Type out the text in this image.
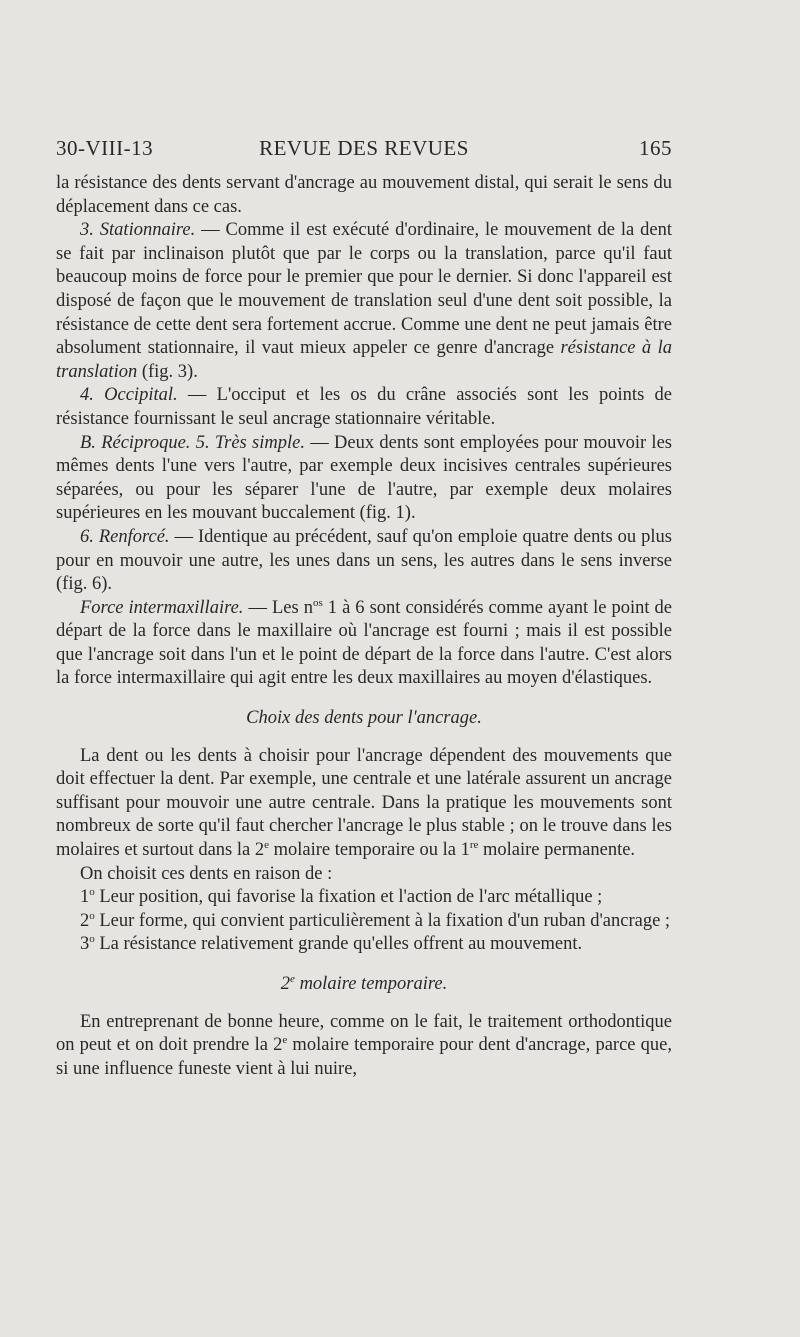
REVUE DES REVUES
30-VIII-13	165

la résistance des dents servant d'ancrage au mouvement distal, qui serait le sens du déplacement dans ce cas.

3. Stationnaire. — Comme il est exécuté d'ordinaire, le mouvement de la dent se fait par inclinaison plutôt que par le corps ou la translation, parce qu'il faut beaucoup moins de force pour le premier que pour le dernier. Si donc l'appareil est disposé de façon que le mouvement de translation seul d'une dent soit possible, la résistance de cette dent sera fortement accrue. Comme une dent ne peut jamais être absolument stationnaire, il vaut mieux appeler ce genre d'ancrage résistance à la translation (fig. 3).

4. Occipital. — L'occiput et les os du crâne associés sont les points de résistance fournissant le seul ancrage stationnaire véritable.

B. Réciproque. 5. Très simple. — Deux dents sont employées pour mouvoir les mêmes dents l'une vers l'autre, par exemple deux incisives centrales supérieures séparées, ou pour les séparer l'une de l'autre, par exemple deux molaires supérieures en les mouvant buccalement (fig. 1).

6. Renforcé. — Identique au précédent, sauf qu'on emploie quatre dents ou plus pour en mouvoir une autre, les unes dans un sens, les autres dans le sens inverse (fig. 6).

Force intermaxillaire. — Les $n^{os}$ 1 à 6 sont considérés comme ayant le point de départ de la force dans le maxillaire où l'ancrage est fourni ; mais il est possible que l'ancrage soit dans l'un et le point de départ de la force dans l'autre. C'est alors la force intermaxillaire qui agit entre les deux maxillaires au moyen d'élastiques.

Choix des dents pour l'ancrage.

La dent ou les dents à choisir pour l'ancrage dépendent des mouvements que doit effectuer la dent. Par exemple, une centrale et une latérale assurent un ancrage suffisant pour mouvoir une autre centrale. Dans la pratique les mouvements sont nombreux de sorte qu'il faut chercher l'ancrage le plus stable ; on le trouve dans les molaires et surtout dans la 2e molaire temporaire ou la 1re molaire permanente.

On choisit ces dents en raison de :

1$^o$ Leur position, qui favorise la fixation et l'action de l'arc métallique ;

2$^o$ Leur forme, qui convient particulièrement à la fixation d'un ruban d'ancrage ;

3$^o$ La résistance relativement grande qu'elles offrent au mouvement.

2e molaire temporaire.

En entreprenant de bonne heure, comme on le fait, le traitement orthodontique on peut et on doit prendre la 2e molaire temporaire pour dent d'ancrage, parce que, si une influence funeste vient à lui nuire,
